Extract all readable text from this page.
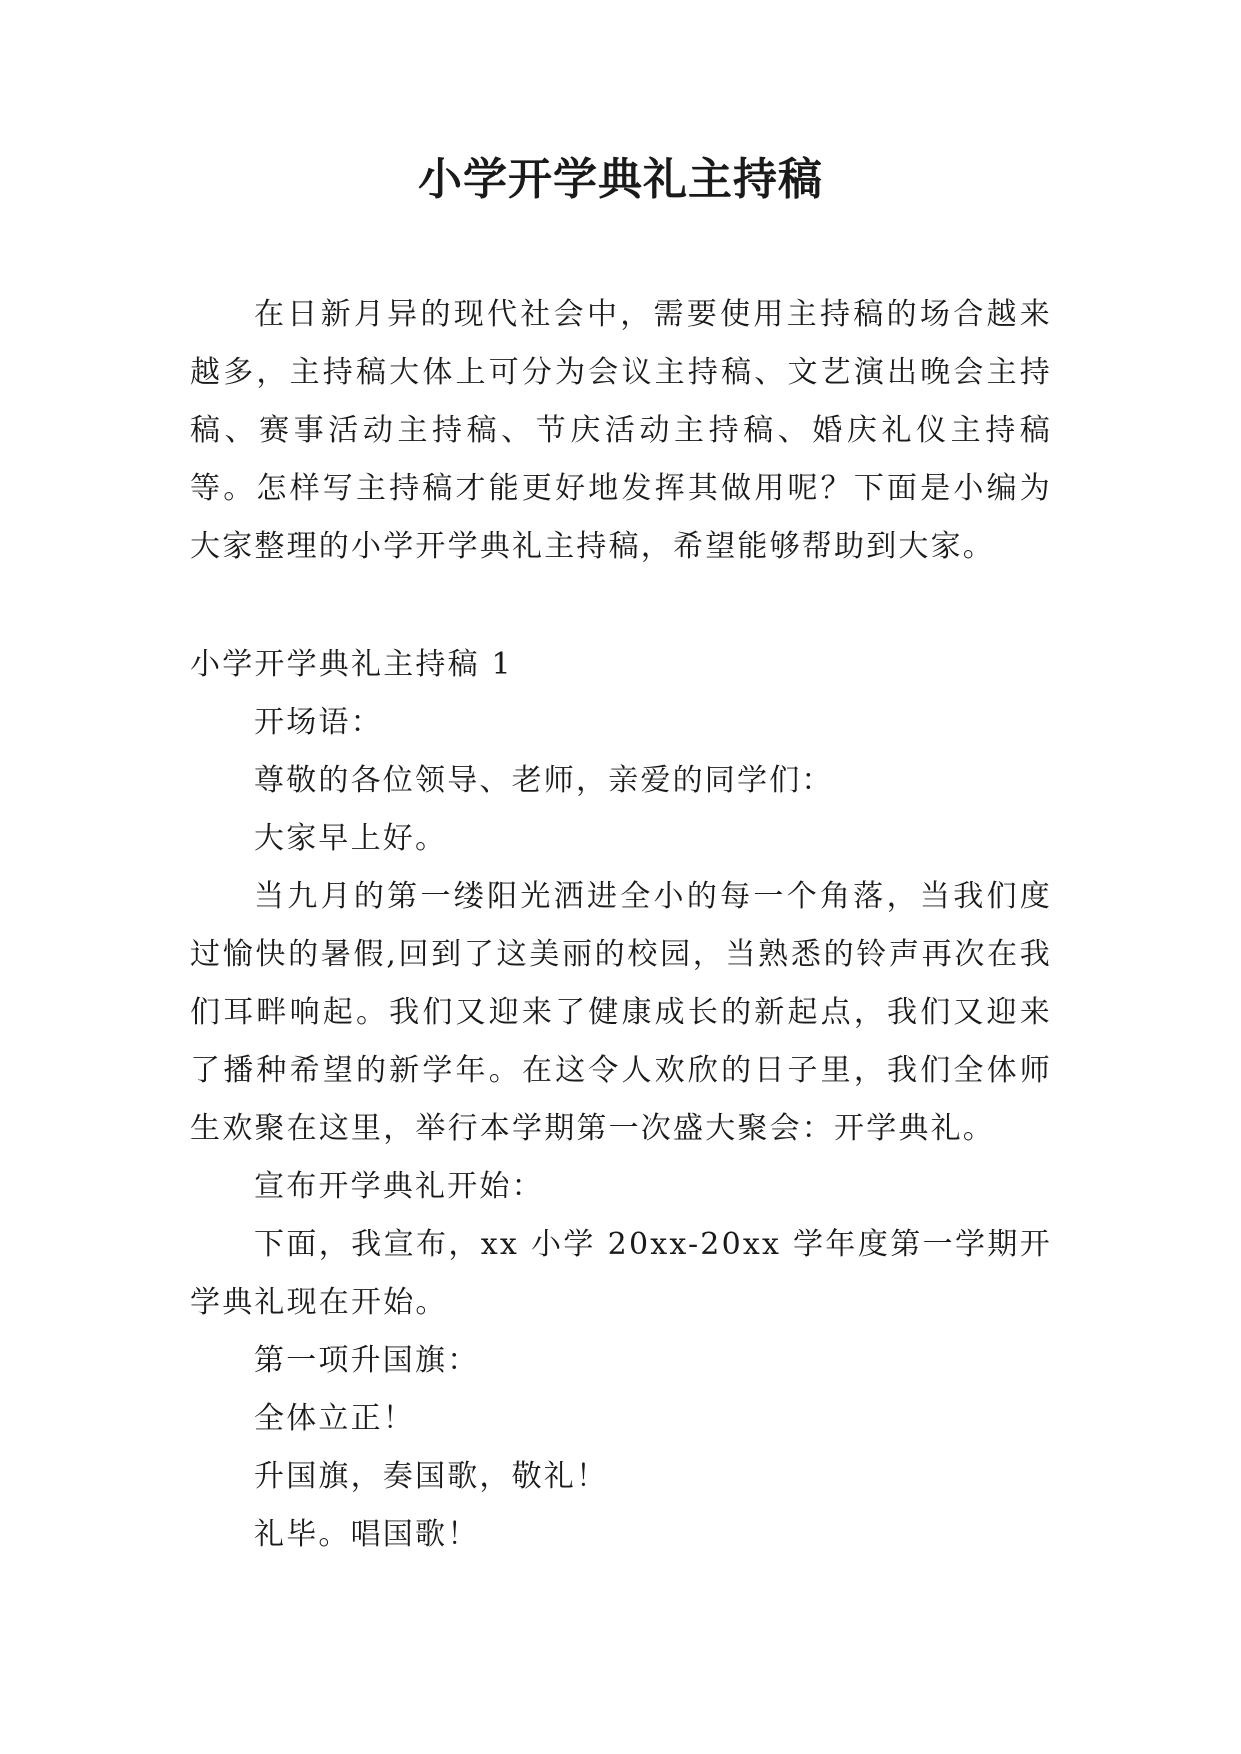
小学开学典礼主持稿

在日新月异的现代社会中，需要使用主持稿的场合越来越多，主持稿大体上可分为会议主持稿、文艺演出晚会主持稿、赛事活动主持稿、节庆活动主持稿、婚庆礼仪主持稿等。怎样写主持稿才能更好地发挥其做用呢？下面是小编为大家整理的小学开学典礼主持稿，希望能够帮助到大家。

小学开学典礼主持稿 1

开场语：

尊敬的各位领导、老师，亲爱的同学们：

大家早上好。

当九月的第一缕阳光洒进全小的每一个角落，当我们度过愉快的暑假,回到了这美丽的校园，当熟悉的铃声再次在我们耳畔响起。我们又迎来了健康成长的新起点，我们又迎来了播种希望的新学年。在这令人欢欣的日子里，我们全体师生欢聚在这里，举行本学期第一次盛大聚会：开学典礼。

宣布开学典礼开始：

下面，我宣布，xx 小学 20xx-20xx 学年度第一学期开学典礼现在开始。

第一项升国旗：

全体立正！

升国旗，奏国歌，敬礼！

礼毕。唱国歌！
